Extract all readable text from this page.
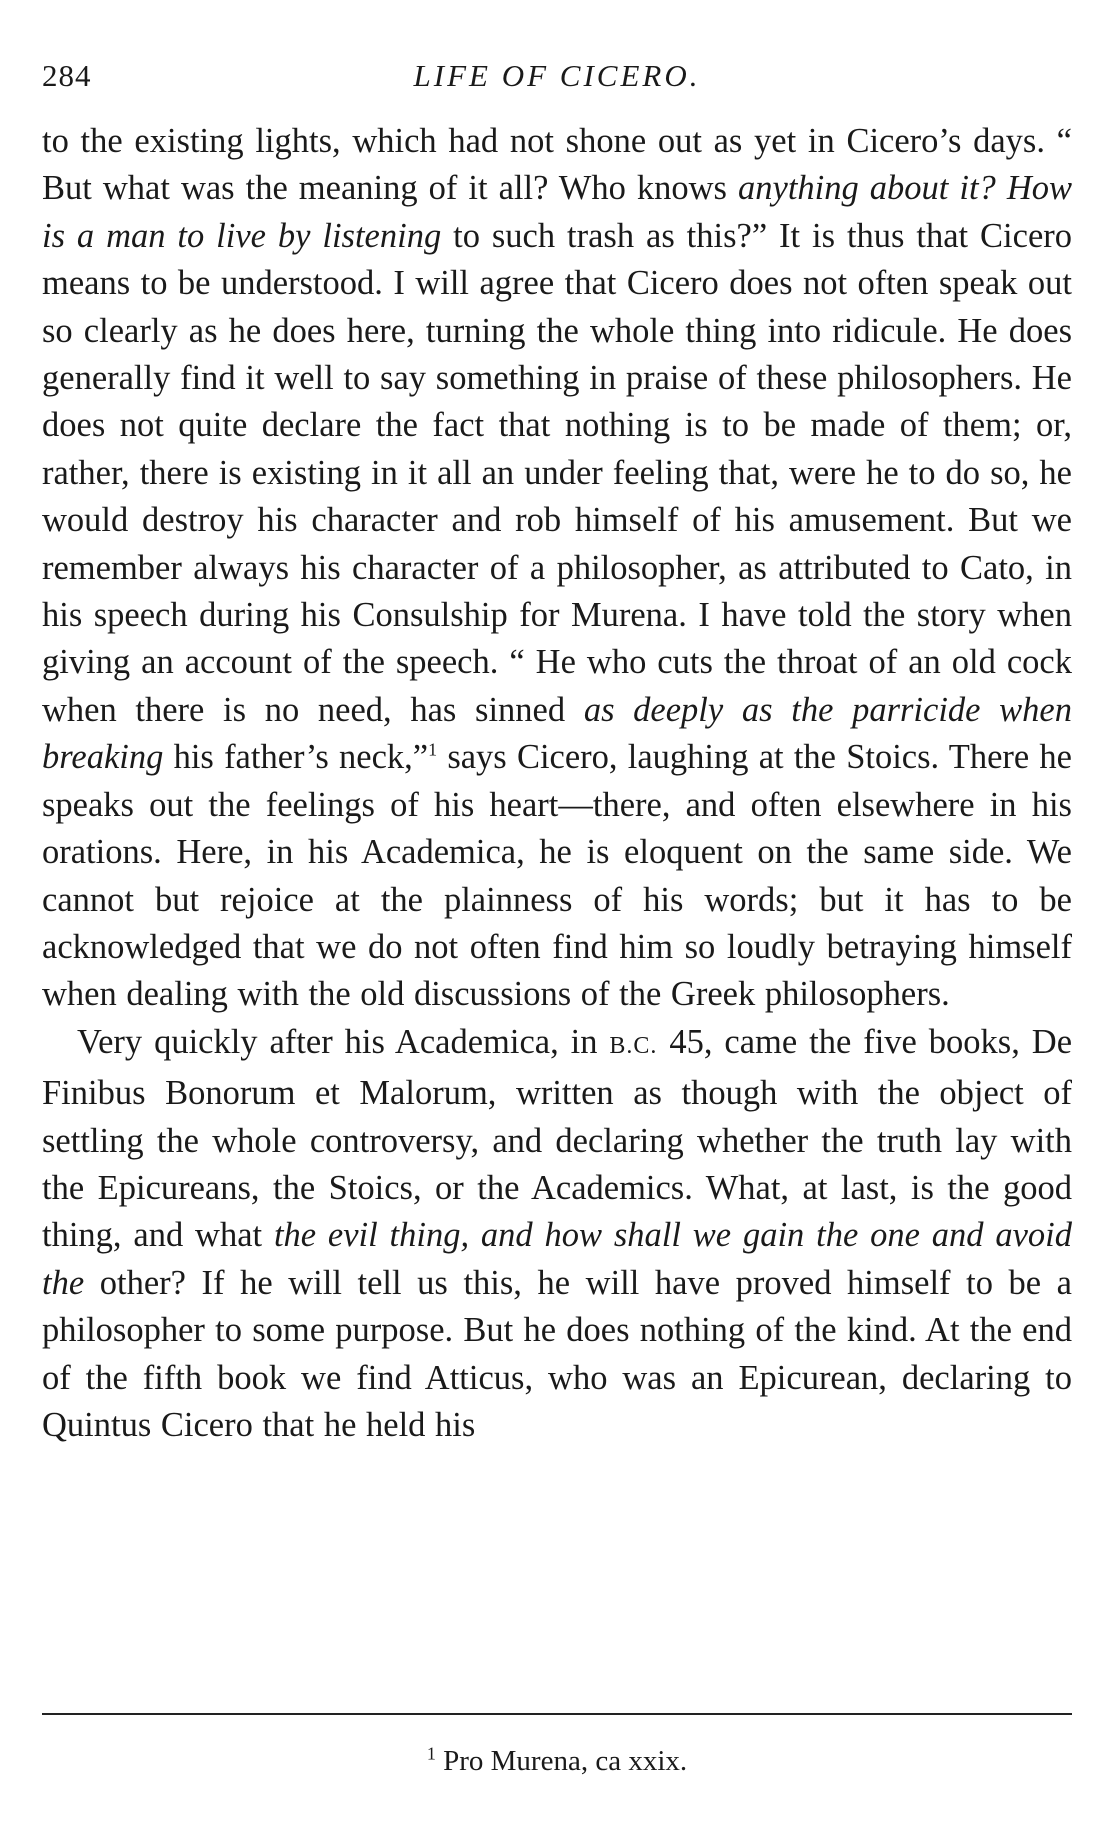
284	LIFE OF CICERO.

to the existing lights, which had not shone out as yet in Cicero’s days. “ But what was the meaning of it all? Who knows anything about it? How is a man to live by listening to such trash as this?” It is thus that Cicero means to be understood. I will agree that Cicero does not often speak out so clearly as he does here, turning the whole thing into ridicule. He does generally find it well to say something in praise of these philosophers. He does not quite declare the fact that nothing is to be made of them; or, rather, there is existing in it all an under feeling that, were he to do so, he would destroy his character and rob himself of his amusement. But we remember always his character of a philosopher, as attributed to Cato, in his speech during his Consulship for Murena. I have told the story when giving an account of the speech. “ He who cuts the throat of an old cock when there is no need, has sinned as deeply as the parricide when breaking his father’s neck,”$^1$ says Cicero, laughing at the Stoics. There he speaks out the feelings of his heart—there, and often elsewhere in his orations. Here, in his Academica, he is eloquent on the same side. We cannot but rejoice at the plainness of his words; but it has to be acknowledged that we do not often find him so loudly betraying himself when dealing with the old discussions of the Greek philosophers.

Very quickly after his Academica, in B.C. 45, came the five books, De Finibus Bonorum et Malorum, written as though with the object of settling the whole controversy, and declaring whether the truth lay with the Epicureans, the Stoics, or the Academics. What, at last, is the good thing, and what the evil thing, and how shall we gain the one and avoid the other? If he will tell us this, he will have proved himself to be a philosopher to some purpose. But he does nothing of the kind. At the end of the fifth book we find Atticus, who was an Epicurean, declaring to Quintus Cicero that he held his

$^1$ Pro Murena, ca xxix.
